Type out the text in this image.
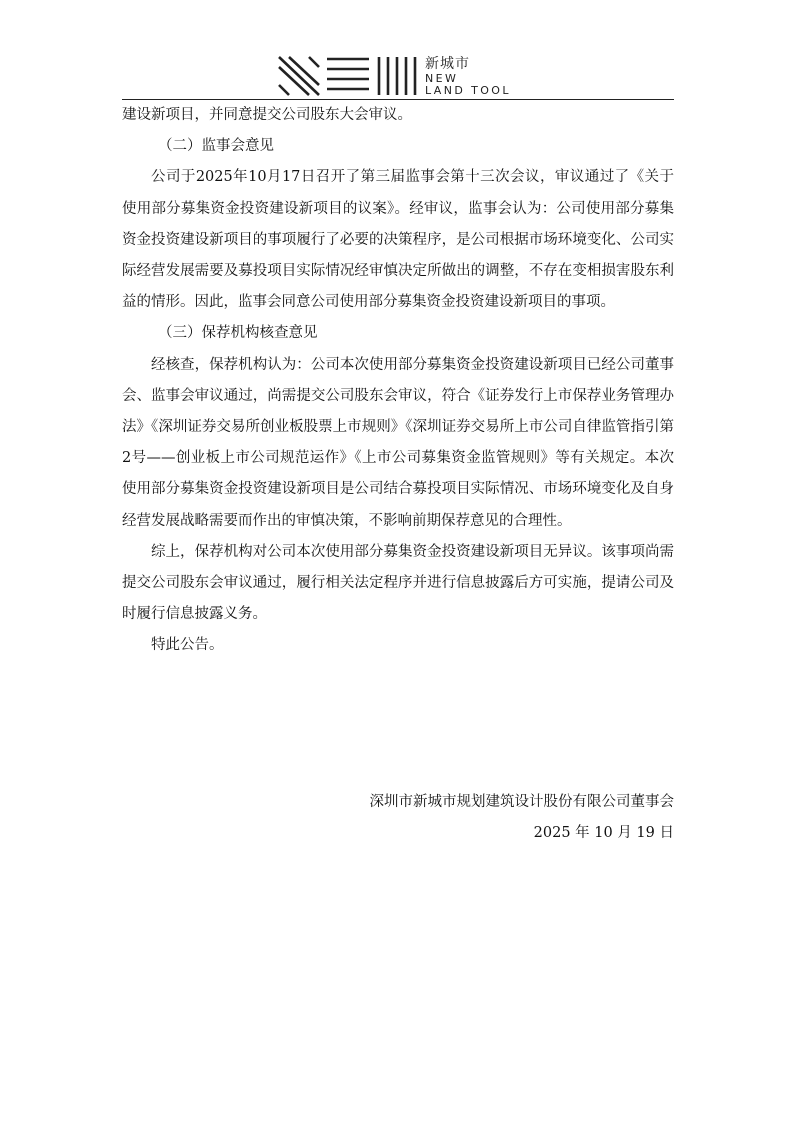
新城市
NEW
LAND TOOL

建设新项目，并同意提交公司股东大会审议。

（二）监事会意见

公司于2025年10月17日召开了第三届监事会第十三次会议，审议通过了《关于使用部分募集资金投资建设新项目的议案》。经审议，监事会认为：公司使用部分募集资金投资建设新项目的事项履行了必要的决策程序，是公司根据市场环境变化、公司实际经营发展需要及募投项目实际情况经审慎决定所做出的调整，不存在变相损害股东利益的情形。因此，监事会同意公司使用部分募集资金投资建设新项目的事项。

（三）保荐机构核查意见

经核查，保荐机构认为：公司本次使用部分募集资金投资建设新项目已经公司董事会、监事会审议通过，尚需提交公司股东会审议，符合《证券发行上市保荐业务管理办法》《深圳证券交易所创业板股票上市规则》《深圳证券交易所上市公司自律监管指引第2号——创业板上市公司规范运作》《上市公司募集资金监管规则》等有关规定。本次使用部分募集资金投资建设新项目是公司结合募投项目实际情况、市场环境变化及自身经营发展战略需要而作出的审慎决策，不影响前期保荐意见的合理性。

综上，保荐机构对公司本次使用部分募集资金投资建设新项目无异议。该事项尚需提交公司股东会审议通过，履行相关法定程序并进行信息披露后方可实施，提请公司及时履行信息披露义务。

特此公告。

深圳市新城市规划建筑设计股份有限公司董事会

2025 年 10 月 19 日
